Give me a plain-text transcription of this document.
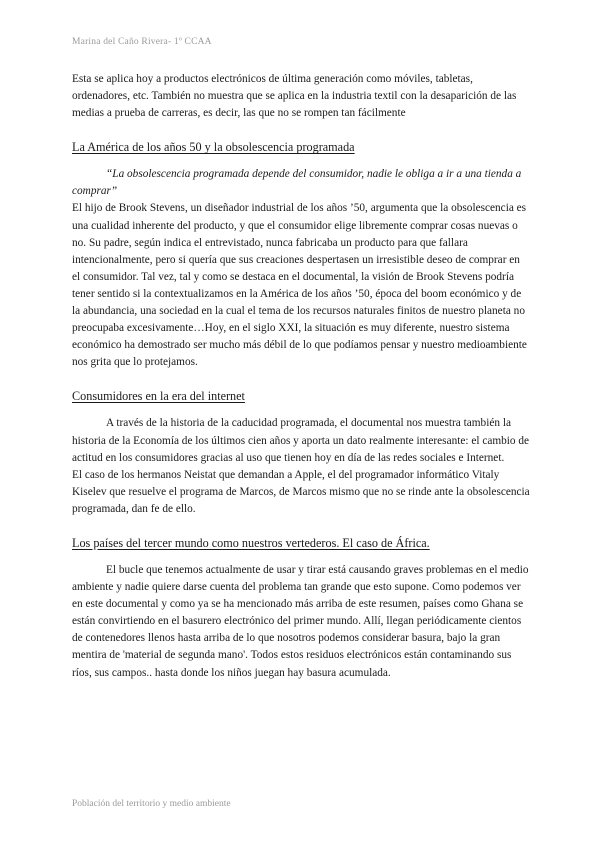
Marina del Caño Rivera- 1º CCAA

Esta se aplica hoy a productos electrónicos de última generación como móviles, tabletas, ordenadores, etc. También no muestra que se aplica en la industria textil con la desaparición de las medias a prueba de carreras, es decir, las que no se rompen tan fácilmente

La América de los años 50 y la obsolescencia programada

“La obsolescencia programada depende del consumidor, nadie le obliga a ir a una tienda a comprar”

El hijo de Brook Stevens, un diseñador industrial de los años ’50, argumenta que la obsolescencia es una cualidad inherente del producto, y que el consumidor elige libremente comprar cosas nuevas o no. Su padre, según indica el entrevistado, nunca fabricaba un producto para que fallara intencionalmente, pero si quería que sus creaciones despertasen un irresistible deseo de comprar en el consumidor. Tal vez, tal y como se destaca en el documental, la visión de Brook Stevens podría tener sentido si la contextualizamos en la América de los años ’50, época del boom económico y de la abundancia, una sociedad en la cual el tema de los recursos naturales finitos de nuestro planeta no preocupaba excesivamente…Hoy, en el siglo XXI, la situación es muy diferente, nuestro sistema económico ha demostrado ser mucho más débil de lo que podíamos pensar y nuestro medioambiente nos grita que lo protejamos.

Consumidores en la era del internet

A través de la historia de la caducidad programada, el documental nos muestra también la historia de la Economía de los últimos cien años y aporta un dato realmente interesante: el cambio de actitud en los consumidores gracias al uso que tienen hoy en día de las redes sociales e Internet.

El caso de los hermanos Neistat que demandan a Apple, el del programador informático Vitaly Kiselev que resuelve el programa de Marcos, de Marcos mismo que no se rinde ante la obsolescencia programada, dan fe de ello.

Los países del tercer mundo como nuestros vertederos. El caso de África.

El bucle que tenemos actualmente de usar y tirar está causando graves problemas en el medio ambiente y nadie quiere darse cuenta del problema tan grande que esto supone. Como podemos ver en este documental y como ya se ha mencionado más arriba de este resumen, países como Ghana se están convirtiendo en el basurero electrónico del primer mundo. Allí, llegan periódicamente cientos de contenedores llenos hasta arriba de lo que nosotros podemos considerar basura, bajo la gran mentira de 'material de segunda mano'. Todos estos residuos electrónicos están contaminando sus ríos, sus campos.. hasta donde los niños juegan hay basura acumulada.

Población del territorio y medio ambiente
